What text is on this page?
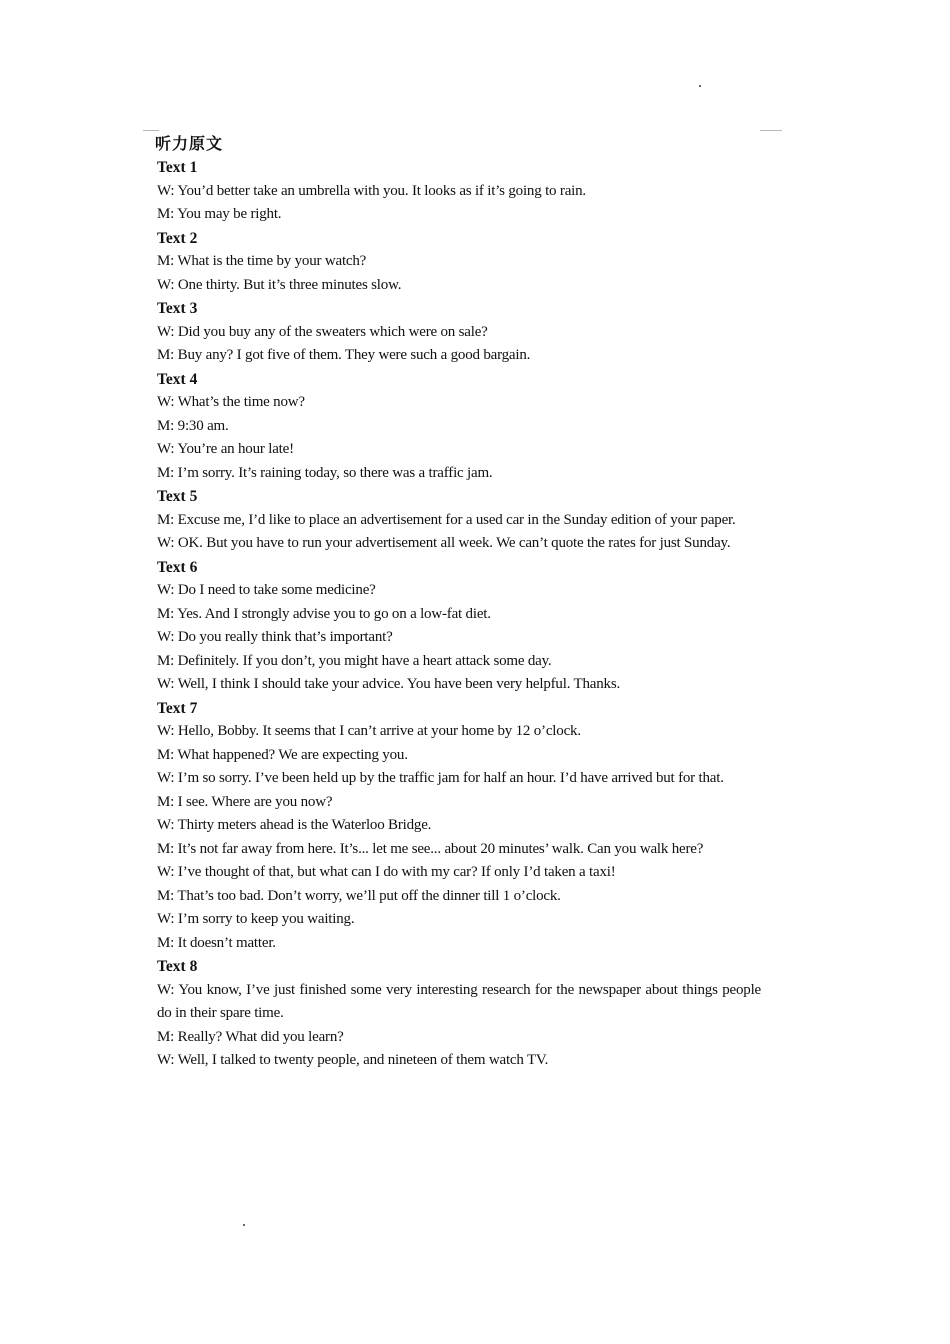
听力原文
Text 1
W: You’d better take an umbrella with you. It looks as if it’s going to rain.
M: You may be right.
Text 2
M: What is the time by your watch?
W: One thirty. But it’s three minutes slow.
Text 3
W: Did you buy any of the sweaters which were on sale?
M: Buy any? I got five of them. They were such a good bargain.
Text 4
W: What’s the time now?
M: 9:30 am.
W: You’re an hour late!
M: I’m sorry. It’s raining today, so there was a traffic jam.
Text 5
M: Excuse me, I’d like to place an advertisement for a used car in the Sunday edition of your paper.
W: OK. But you have to run your advertisement all week. We can’t quote the rates for just Sunday.
Text 6
W: Do I need to take some medicine?
M: Yes. And I strongly advise you to go on a low-fat diet.
W: Do you really think that’s important?
M: Definitely. If you don’t, you might have a heart attack some day.
W: Well, I think I should take your advice. You have been very helpful. Thanks.
Text 7
W: Hello, Bobby. It seems that I can’t arrive at your home by 12 o’clock.
M: What happened? We are expecting you.
W: I’m so sorry. I’ve been held up by the traffic jam for half an hour. I’d have arrived but for that.
M: I see. Where are you now?
W: Thirty meters ahead is the Waterloo Bridge.
M: It’s not far away from here. It’s... let me see... about 20 minutes’ walk. Can you walk here?
W: I’ve thought of that, but what can I do with my car? If only I’d taken a taxi!
M: That’s too bad. Don’t worry, we’ll put off the dinner till 1 o’clock.
W: I’m sorry to keep you waiting.
M: It doesn’t matter.
Text 8
W: You know, I’ve just finished some very interesting research for the newspaper about things people do in their spare time.
M: Really? What did you learn?
W: Well, I talked to twenty people, and nineteen of them watch TV.
